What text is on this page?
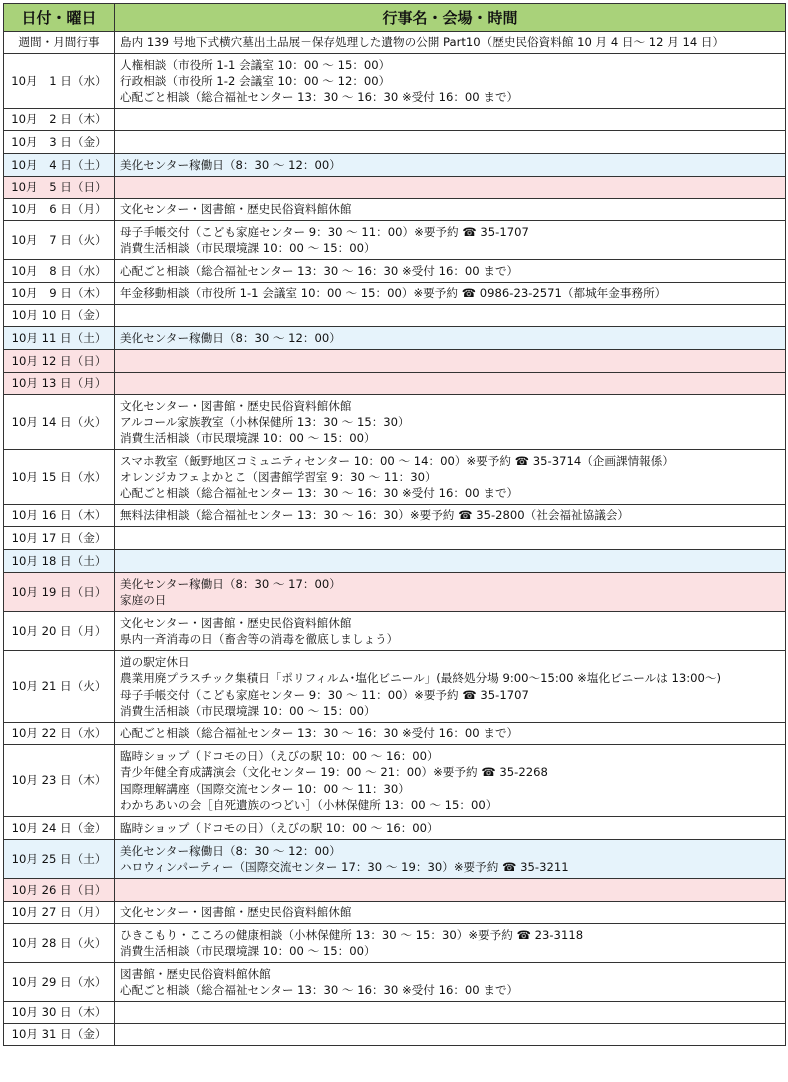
日付・曜日	行事名・会場・時間
週間・月間行事	島内 139 号地下式横穴墓出土品展－保存処理した遺物の公開 Part10（歴史民俗資料館 10 月 4 日～ 12 月 14 日）

10月　1 日（水）	人権相談（市役所 1-1 会議室 10：00 ～ 15：00）
行政相談（市役所 1-2 会議室 10：00 ～ 12：00）
心配ごと相談（総合福祉センター 13：30 ～ 16：30 ※受付 16：00 まで）

10月　2 日（木）	
10月　3 日（金）	
10月　4 日（土）	美化センター稼働日（8：30 ～ 12：00）

10月　5 日（日）	
10月　6 日（月）	文化センター・図書館・歴史民俗資料館休館

10月　7 日（火）	母子手帳交付（こども家庭センター 9：30 ～ 11：00）※要予約 ☎ 35-1707
消費生活相談（市民環境課 10：00 ～ 15：00）

10月　8 日（水）	心配ごと相談（総合福祉センター 13：30 ～ 16：30 ※受付 16：00 まで）

10月　9 日（木）	年金移動相談（市役所 1-1 会議室 10：00 ～ 15：00）※要予約 ☎ 0986-23-2571（都城年金事務所）

10月 10 日（金）	
10月 11 日（土）	美化センター稼働日（8：30 ～ 12：00）

10月 12 日（日）	
10月 13 日（月）	
10月 14 日（火）	文化センター・図書館・歴史民俗資料館休館
アルコール家族教室（小林保健所 13：30 ～ 15：30）
消費生活相談（市民環境課 10：00 ～ 15：00）

10月 15 日（水）	スマホ教室（飯野地区コミュニティセンター 10：00 ～ 14：00）※要予約 ☎ 35-3714（企画課情報係）
オレンジカフェよかとこ（図書館学習室 9：30 ～ 11：30）
心配ごと相談（総合福祉センター 13：30 ～ 16：30 ※受付 16：00 まで）

10月 16 日（木）	無料法律相談（総合福祉センター 13：30 ～ 16：30）※要予約 ☎ 35-2800（社会福祉協議会）

10月 17 日（金）	
10月 18 日（土）	
10月 19 日（日）	美化センター稼働日（8：30 ～ 17：00）
家庭の日

10月 20 日（月）	文化センター・図書館・歴史民俗資料館休館
県内一斉消毒の日（畜舎等の消毒を徹底しましょう）

10月 21 日（火）	道の駅定休日
農業用廃プラスチック集積日「ポリフィルム･塩化ビニール」(最終処分場 9:00～15:00 ※塩化ビニールは 13:00～)
母子手帳交付（こども家庭センター 9：30 ～ 11：00）※要予約 ☎ 35-1707
消費生活相談（市民環境課 10：00 ～ 15：00）

10月 22 日（水）	心配ごと相談（総合福祉センター 13：30 ～ 16：30 ※受付 16：00 まで）

10月 23 日（木）	臨時ショップ（ドコモの日）（えびの駅 10：00 ～ 16：00）
青少年健全育成講演会（文化センター 19：00 ～ 21：00）※要予約 ☎ 35-2268
国際理解講座（国際交流センター 10：00 ～ 11：30）
わかちあいの会［自死遺族のつどい］（小林保健所 13：00 ～ 15：00）

10月 24 日（金）	臨時ショップ（ドコモの日）（えびの駅 10：00 ～ 16：00）

10月 25 日（土）	美化センター稼働日（8：30 ～ 12：00）
ハロウィンパーティー（国際交流センター 17：30 ～ 19：30）※要予約 ☎ 35-3211

10月 26 日（日）	
10月 27 日（月）	文化センター・図書館・歴史民俗資料館休館

10月 28 日（火）	ひきこもり・こころの健康相談（小林保健所 13：30 ～ 15：30）※要予約 ☎ 23-3118
消費生活相談（市民環境課 10：00 ～ 15：00）

10月 29 日（水）	図書館・歴史民俗資料館休館
心配ごと相談（総合福祉センター 13：30 ～ 16：30 ※受付 16：00 まで）

10月 30 日（木）	
10月 31 日（金）	
